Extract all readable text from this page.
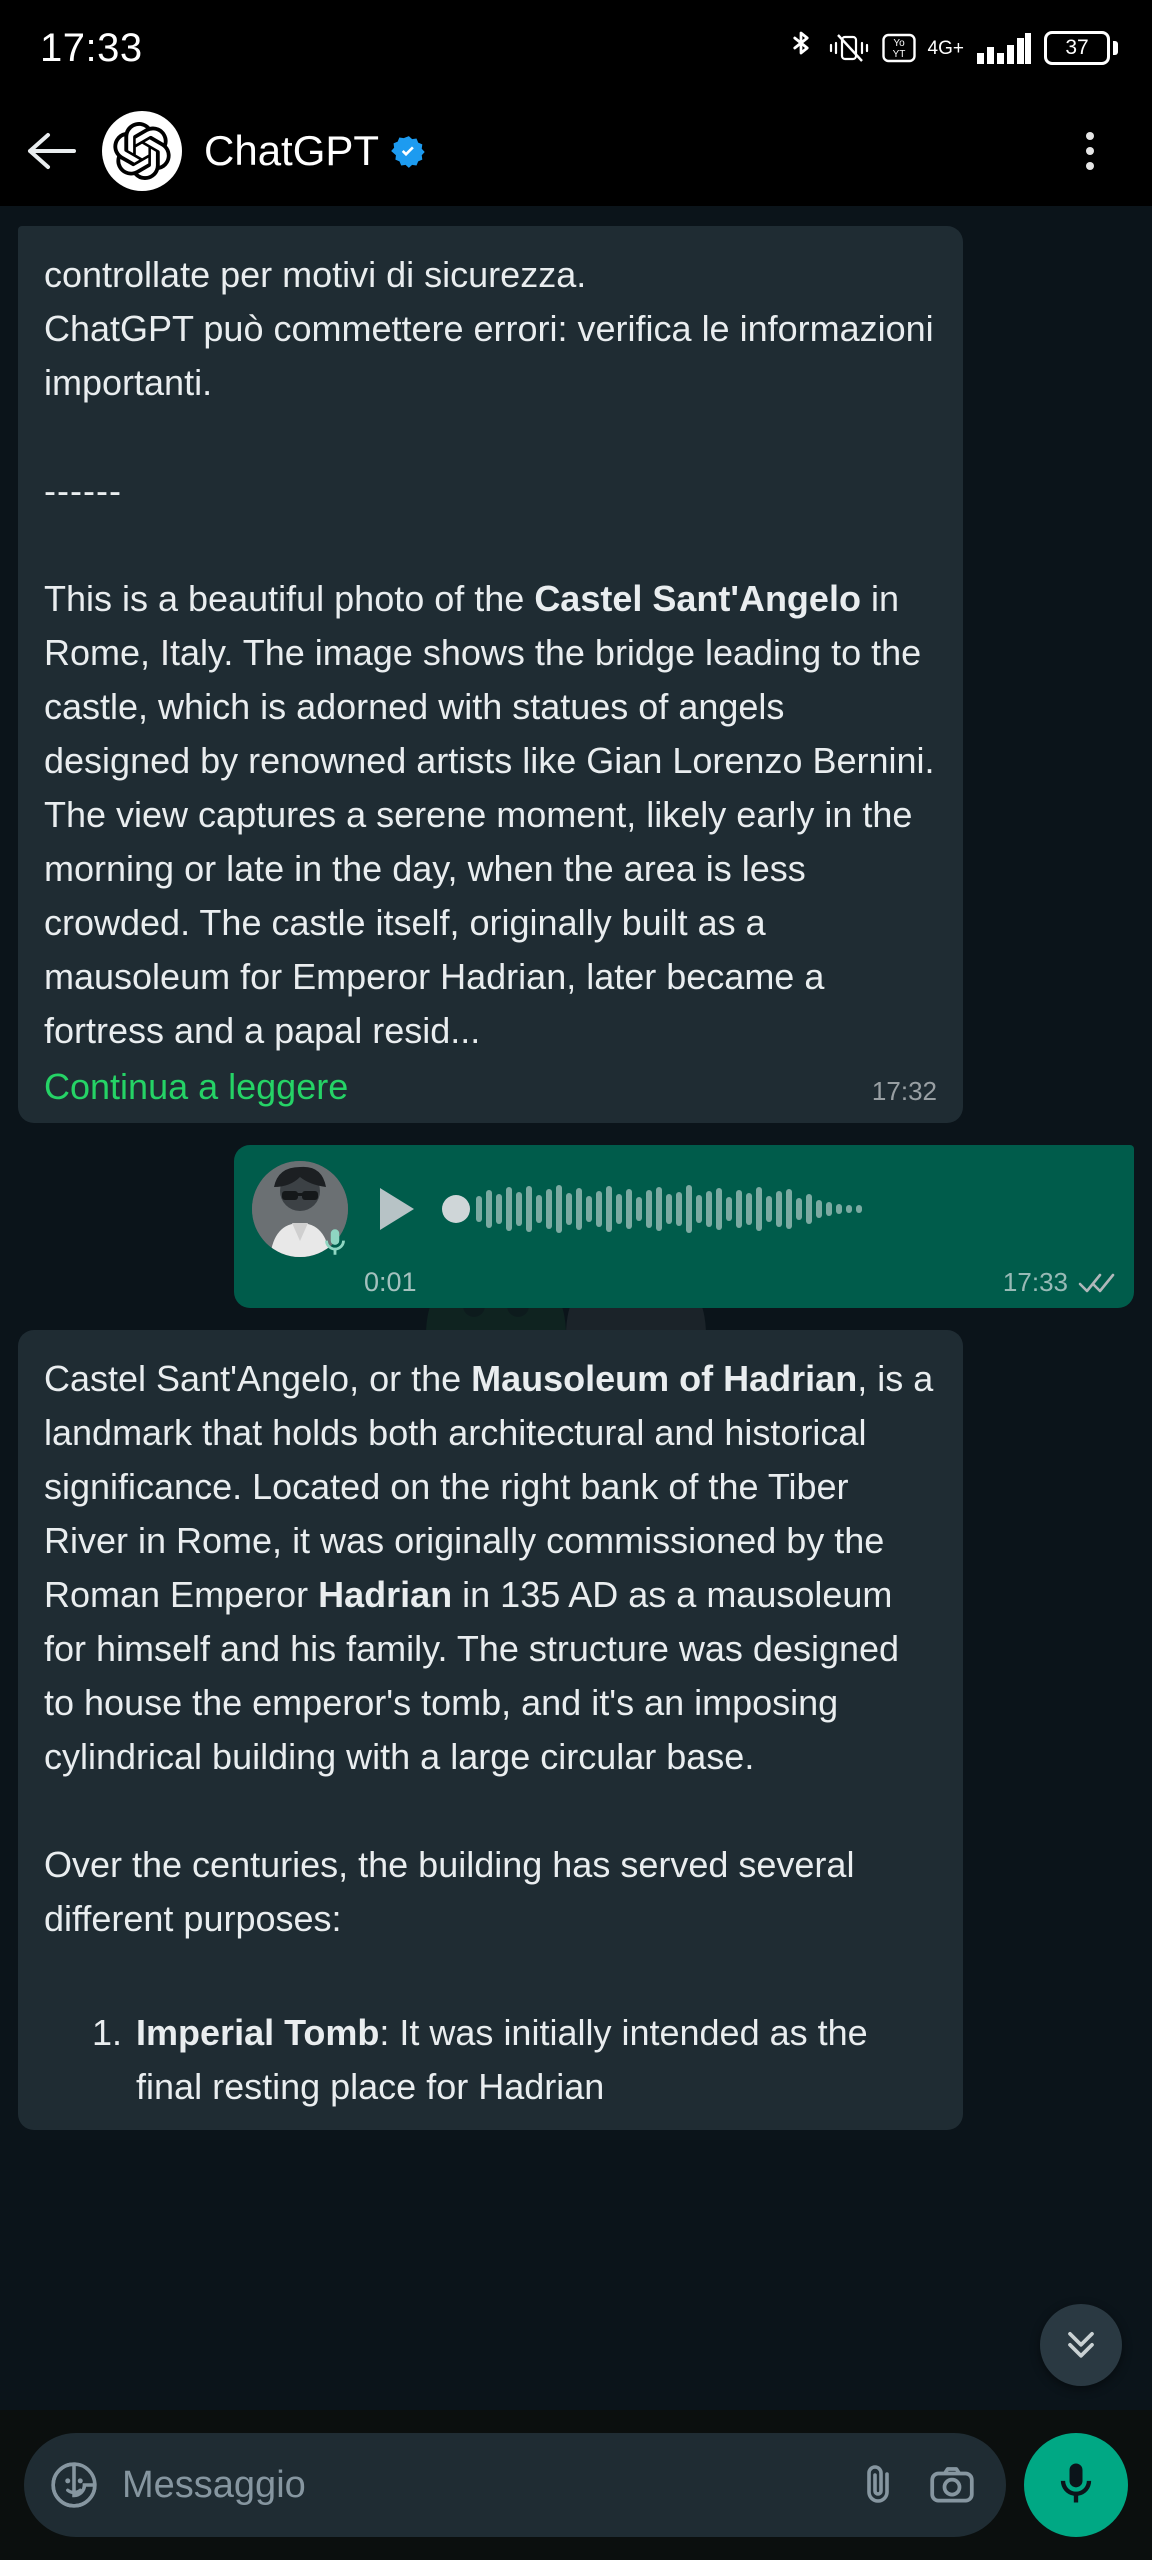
17:33	Yo
YT 4G+	37
ChatGPT
controllate per motivi di sicurezza.
ChatGPT può commettere errori: verifica le informazioni importanti.
------
This is a beautiful photo of the Castel Sant'Angelo in Rome, Italy. The image shows the bridge leading to the castle, which is adorned with statues of angels designed by renowned artists like Gian Lorenzo Bernini. The view captures a serene moment, likely early in the morning or late in the day, when the area is less crowded. The castle itself, originally built as a mausoleum for Emperor Hadrian, later became a fortress and a papal resid...
Continua a leggere	17:32
0:01	17:33
Castel Sant'Angelo, or the Mausoleum of Hadrian, is a landmark that holds both architectural and historical significance. Located on the right bank of the Tiber River in Rome, it was originally commissioned by the Roman Emperor Hadrian in 135 AD as a mausoleum for himself and his family. The structure was designed to house the emperor's tomb, and it's an imposing cylindrical building with a large circular base.
Over the centuries, the building has served several different purposes:
1. Imperial Tomb: It was initially intended as the final resting place for Hadrian
Messaggio
